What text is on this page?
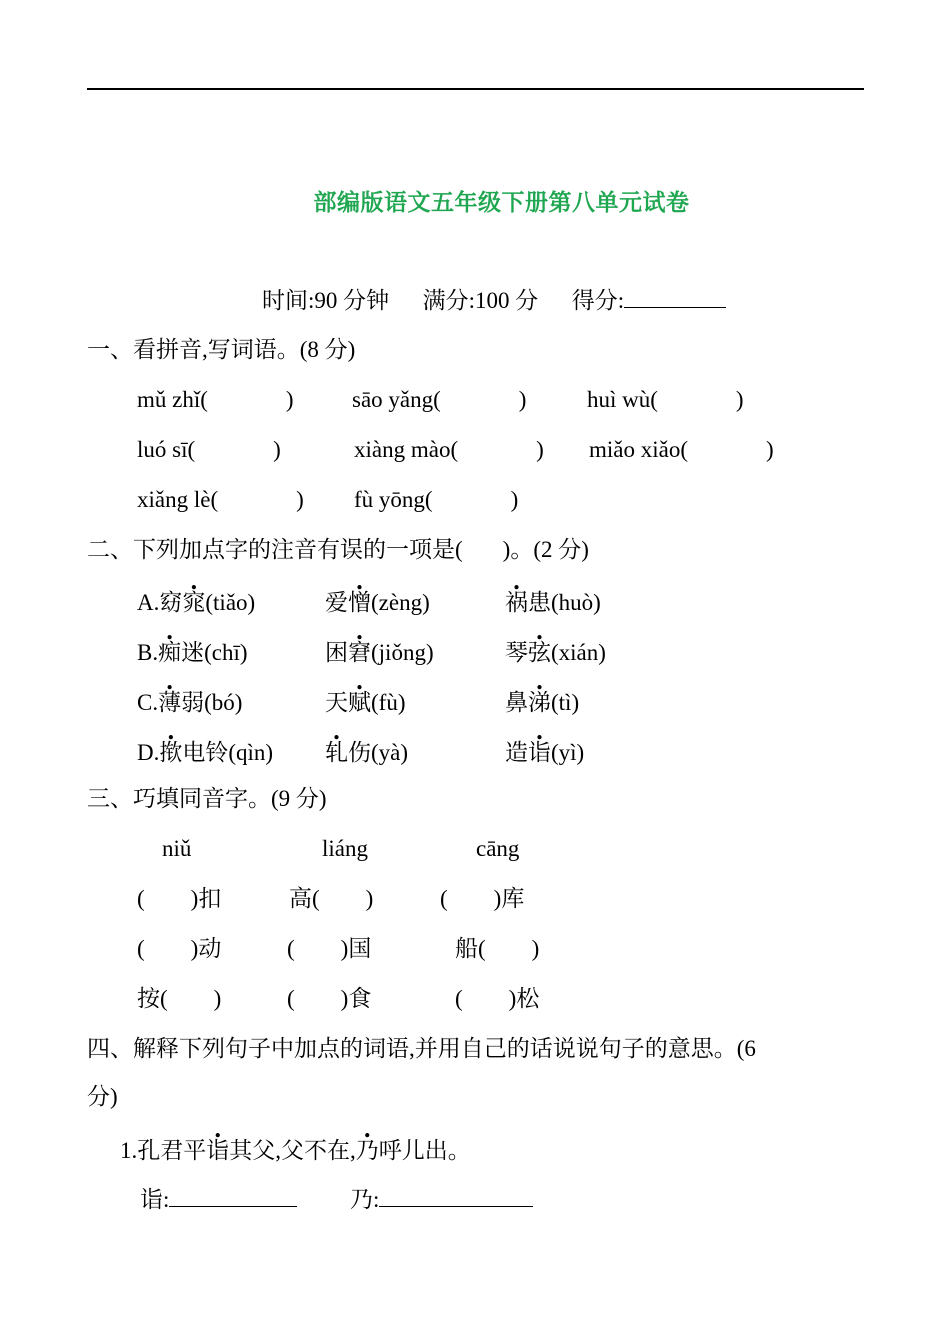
部编版语文五年级下册第八单元试卷
时间:90 分钟 满分:100 分 得分:
一、看拼音,写词语。(8 分)
mǔ zhǐ(	)	sāo yǎng(	)	huì wù(	)
luó sī(	)	xiàng mào(	) miǎo xiǎo(	)
xiǎng lè(	) fù yōng(	)
二、下列加点字的注音有误的一项是( )。(2 分)
A.窈窕(tiǎo)	爱憎(zèng)	祸患(huò)
B.痴迷(chī)	困窘(jiǒng)	琴弦(xián)
C.薄弱(bó)	天赋(fù)	鼻涕(tì)
D.揿电铃(qìn) 轧伤(yà)	造诣(yì)
三、巧填同音字。(9 分)
niǔ	liáng	cāng
(        )扣	高(        )	(        )库
(        )动	(        )国	船(        )
按(        )	(        )食	(        )松
四、解释下列句子中加点的词语,并用自己的话说说句子的意思。(6
分)
1.孔君平诣其父,父不在,乃呼儿出。
诣:	乃:
